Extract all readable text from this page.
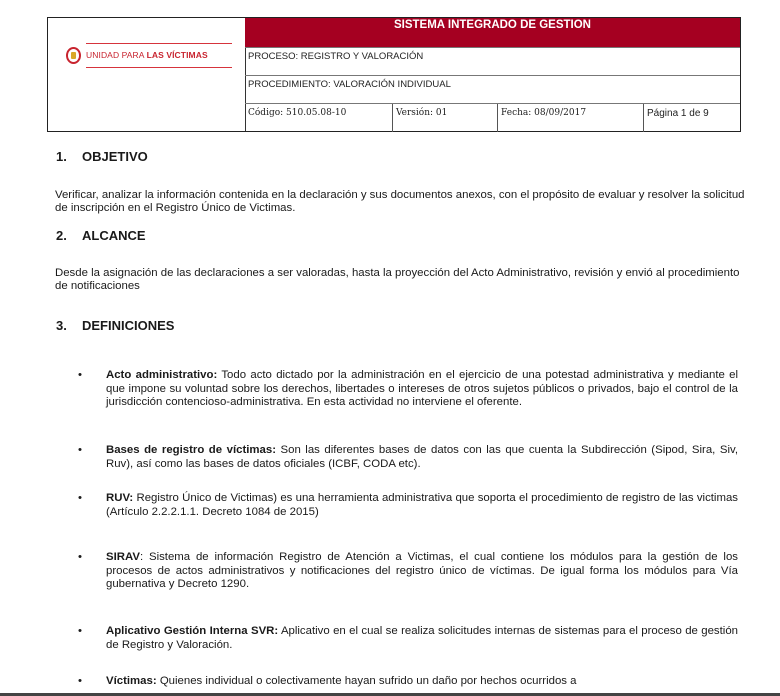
UNIDAD PARA LAS VÍCTIMAS
SISTEMA INTEGRADO DE GESTION
PROCESO: REGISTRO Y VALORACIÓN
PROCEDIMIENTO: VALORACIÓN INDIVIDUAL
Código: 510.05.08-10	Versión: 01	Fecha: 08/09/2017	Página 1 de 9
1. OBJETIVO
Verificar, analizar la información contenida en la declaración y sus documentos anexos, con el propósito de evaluar y resolver la solicitud de inscripción en el Registro Único de Victimas.
2. ALCANCE
Desde la asignación de las declaraciones a ser valoradas, hasta la proyección del Acto Administrativo, revisión y envió al procedimiento de notificaciones
3. DEFINICIONES
• Acto administrativo: Todo acto dictado por la administración en el ejercicio de una potestad administrativa y mediante el que impone su voluntad sobre los derechos, libertades o intereses de otros sujetos públicos o privados, bajo el control de la jurisdicción contencioso-administrativa. En esta actividad no interviene el oferente.
• Bases de registro de víctimas: Son las diferentes bases de datos con las que cuenta la Subdirección (Sipod, Sira, Siv, Ruv), así como las bases de datos oficiales (ICBF, CODA etc).
• RUV: Registro Único de Victimas) es una herramienta administrativa que soporta el procedimiento de registro de las victimas (Artículo 2.2.2.1.1. Decreto 1084 de 2015)
• SIRAV: Sistema de información Registro de Atención a Victimas, el cual contiene los módulos para la gestión de los procesos de actos administrativos y notificaciones del registro único de víctimas. De igual forma los módulos para Vía gubernativa y Decreto 1290.
• Aplicativo Gestión Interna SVR: Aplicativo en el cual se realiza solicitudes internas de sistemas para el proceso de gestión de Registro y Valoración.
• Víctimas: Quienes individual o colectivamente hayan sufrido un daño por hechos ocurridos a
